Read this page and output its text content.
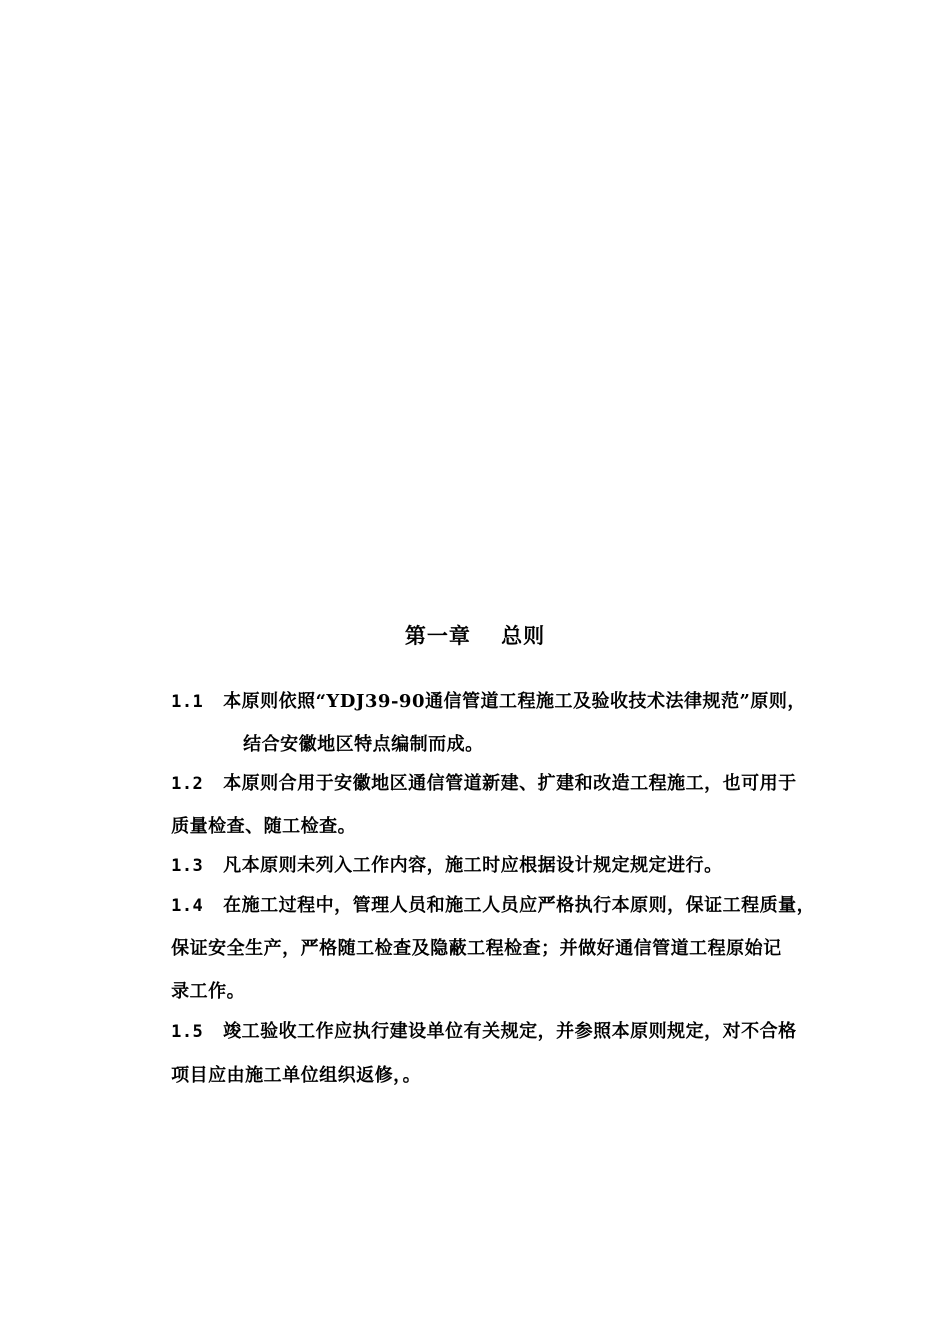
第一章　 总则

1.1 本原则依照“YDJ39-90通信管道工程施工及验收技术法律规范”原则，

结合安徽地区特点编制而成。

1.2 本原则合用于安徽地区通信管道新建、扩建和改造工程施工，也可用于

质量检查、随工检查。

1.3 凡本原则未列入工作内容，施工时应根据设计规定规定进行。

1.4 在施工过程中，管理人员和施工人员应严格执行本原则，保证工程质量，

保证安全生产，严格随工检查及隐蔽工程检查；并做好通信管道工程原始记

录工作。

1.5 竣工验收工作应执行建设单位有关规定，并参照本原则规定，对不合格

项目应由施工单位组织返修，。
